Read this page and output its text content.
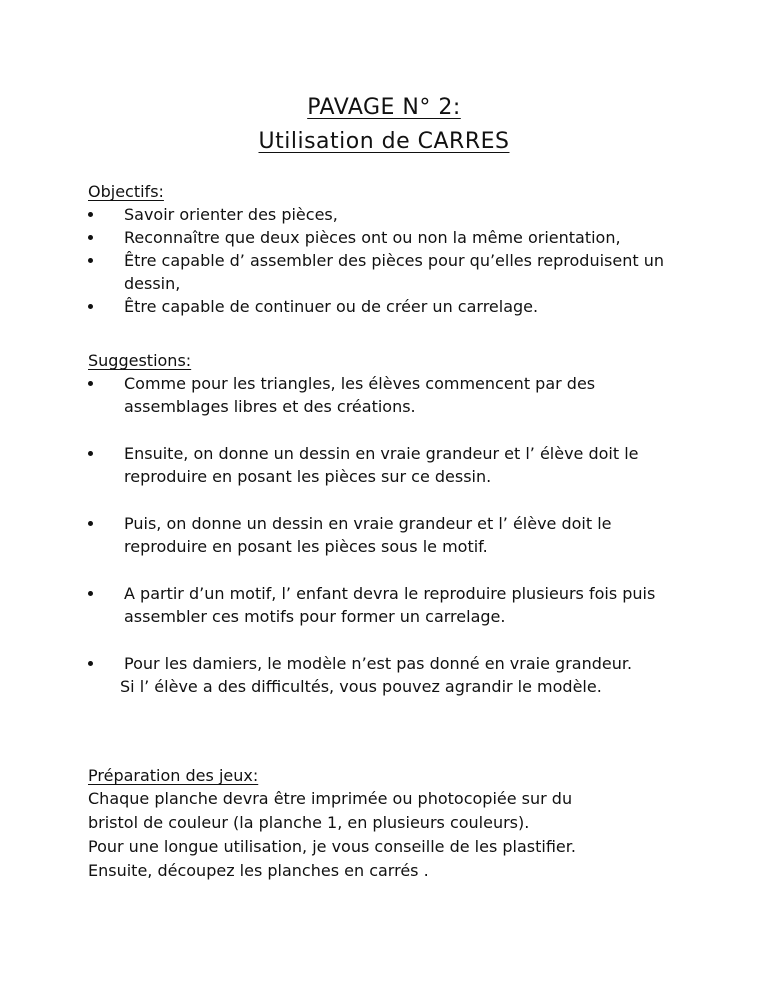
PAVAGE N° 2:
Utilisation de CARRES

Objectifs:

Savoir orienter des pièces,
Reconnaître que deux pièces ont ou non la même orientation,
Être capable d’ assembler des pièces pour qu’elles reproduisent un dessin,
Être capable de continuer ou de créer un carrelage.

Suggestions:

Comme pour les triangles, les élèves commencent par des assemblages libres et des créations.
Ensuite, on donne un dessin en vraie grandeur et l’ élève doit le reproduire en posant les pièces sur ce dessin.
Puis, on donne un dessin en vraie grandeur et l’ élève doit le reproduire en posant les pièces sous le motif.
A partir d’un motif, l’ enfant devra le reproduire plusieurs fois puis assembler ces motifs pour former un carrelage.
Pour les damiers, le modèle n’est pas donné en vraie grandeur.
Si l’ élève a des difficultés, vous pouvez agrandir le modèle.

Préparation des jeux:

Chaque planche devra être imprimée ou photocopiée sur du

bristol de couleur (la planche 1, en plusieurs couleurs).

Pour une longue utilisation, je vous conseille de les plastifier.

Ensuite, découpez les planches en carrés .
